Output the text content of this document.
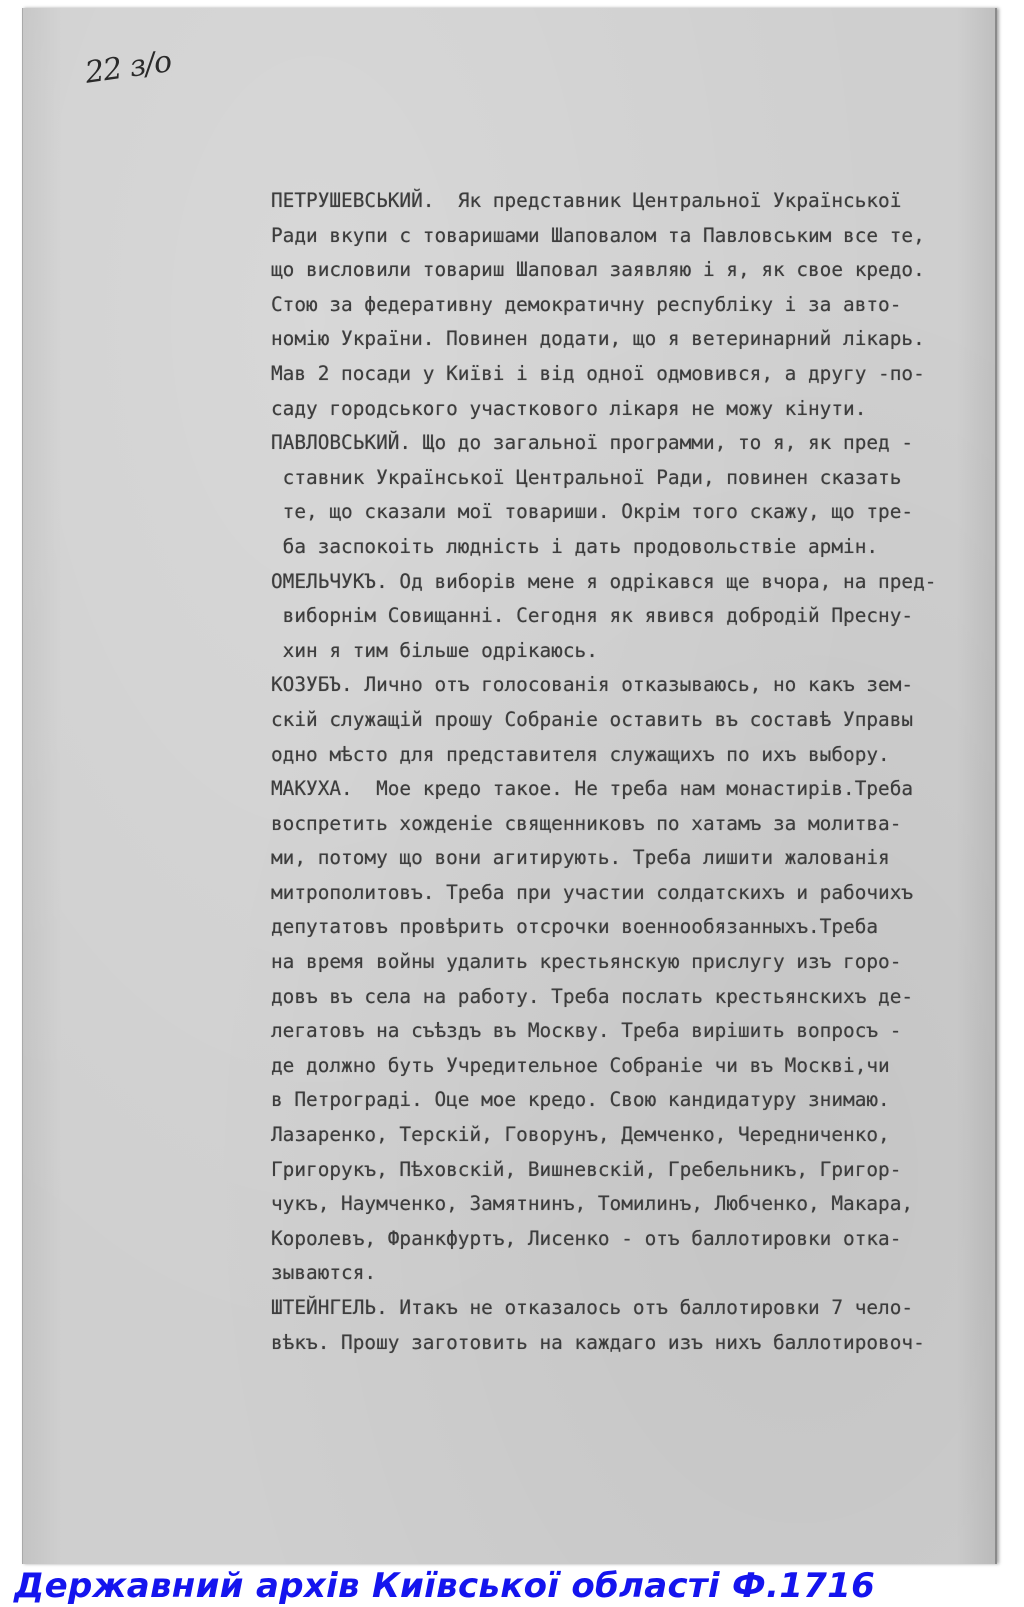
22 з/о
ПЕТРУШЕВСЬКИЙ.  Як представник Центральної Української
Ради вкупи с товаришами Шаповалом та Павловським все те,
що висловили товариш Шаповал заявляю і я, як свое кредо.
Стою за федеративну демократичну республіку і за авто-
номію України. Повинен додати, що я ветеринарний лікарь.
Мав 2 посади у Київі і від одної одмовився, а другу -по-
саду городського участкового лікаря не можу кінути.
ПАВЛОВСЬКИЙ. Що до загальної программи, то я, як пред -
ставник Української Центральної Ради, повинен сказать
те, що сказали мої товариши. Окрім того скажу, що тре-
ба заспокоіть людність і дать продовольствіе армін.
ОМЕЛЬЧУКЪ. Од виборів мене я одрікався ще вчора, на пред-
виборнім Совищанні. Сегодня як явився добродій Преснy-
хин я тим більше одрікаюсь.
КОЗУБЪ. Лично отъ голосованія отказываюсь, но какъ зем-
скій служащій прошу Собраніе оставить въ составѣ Управы
одно мѣсто для представителя служащихъ по ихъ выбору.
МАКУХА.  Мое кредо такое. Не треба нам монастирів.Треба
воспретить хожденіе священниковъ по хатамъ за молитва-
ми, потому що вони агитирують. Треба лишити жалованія
митрополитовъ. Треба при участии солдатскихъ и рабочихъ
депутатовъ провѣрить отсрочки военнообязанныхъ.Треба
на время войны удалить крестьянскую прислугу изъ горо-
довъ въ села на работу. Треба послать крестьянскихъ де-
легатовъ на съѣздъ въ Москву. Треба вирішить вопросъ -
де должно буть Учредительное Собраніе чи въ Москві,чи
в Петрограді. Оце мое кредо. Свою кандидатуру знимаю.
Лазаренко, Терскій, Говорунъ, Демченко, Чередниченко,
Григорукъ, Пѣховскій, Вишневскій, Гребельникъ, Григор-
чукъ, Наумченко, Замятнинъ, Томилинъ, Любченко, Макара,
Королевъ, Франкфуртъ, Лисенко - отъ баллотировки отка-
зываются.
ШТЕЙНГЕЛЬ. Итакъ не отказалось отъ баллотировки 7 чело-
вѣкъ. Прошу заготовить на каждаго изъ нихъ баллотировоч-
Державний архів Київської області Ф.1716
